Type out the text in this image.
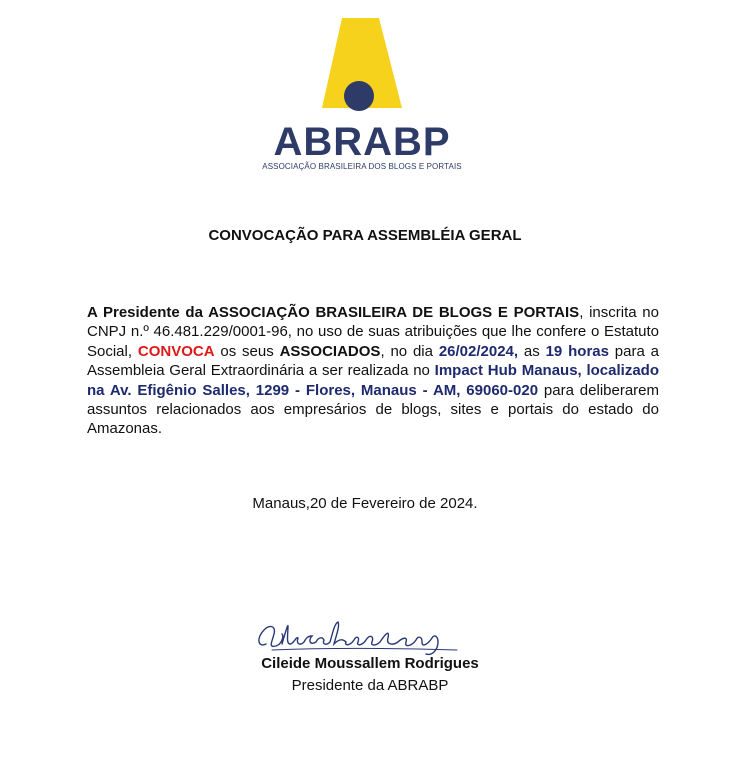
ABRABP
ASSOCIAÇÃO BRASILEIRA DOS BLOGS E PORTAIS
CONVOCAÇÃO PARA ASSEMBLÉIA GERAL
A Presidente da ASSOCIAÇÃO BRASILEIRA DE BLOGS E PORTAIS, inscrita no CNPJ n.º 46.481.229/0001-96, no uso de suas atribuições que lhe confere o Estatuto Social, CONVOCA os seus ASSOCIADOS, no dia 26/02/2024, as 19 horas para a Assembleia Geral Extraordinária a ser realizada no Impact Hub Manaus, localizado na Av. Efigênio Salles, 1299 - Flores, Manaus - AM, 69060-020 para deliberarem assuntos relacionados aos empresários de blogs, sites e portais do estado do Amazonas.
Manaus,20 de Fevereiro de 2024.
Cileide Moussallem Rodrigues
Presidente da ABRABP
